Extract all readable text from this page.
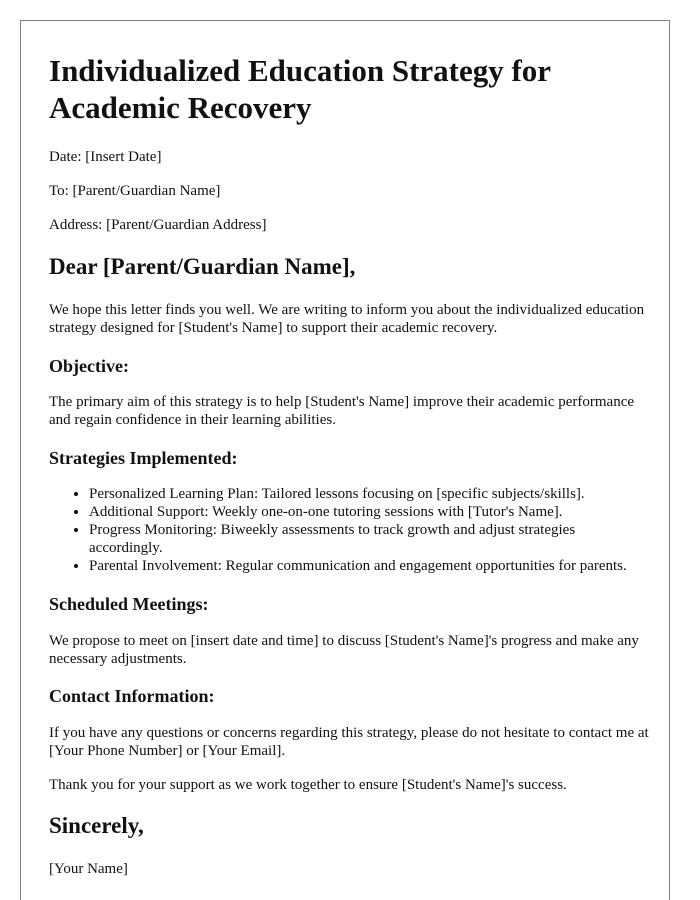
Individualized Education Strategy for Academic Recovery

Date: [Insert Date]

To: [Parent/Guardian Name]

Address: [Parent/Guardian Address]

Dear [Parent/Guardian Name],

We hope this letter finds you well. We are writing to inform you about the individualized education strategy designed for [Student's Name] to support their academic recovery.

Objective:

The primary aim of this strategy is to help [Student's Name] improve their academic performance and regain confidence in their learning abilities.

Strategies Implemented:
• Personalized Learning Plan: Tailored lessons focusing on [specific subjects/skills].
• Additional Support: Weekly one-on-one tutoring sessions with [Tutor's Name].
• Progress Monitoring: Biweekly assessments to track growth and adjust strategies accordingly.
• Parental Involvement: Regular communication and engagement opportunities for parents.
Scheduled Meetings:

We propose to meet on [insert date and time] to discuss [Student's Name]'s progress and make any necessary adjustments.

Contact Information:

If you have any questions or concerns regarding this strategy, please do not hesitate to contact me at [Your Phone Number] or [Your Email].

Thank you for your support as we work together to ensure [Student's Name]'s success.

Sincerely,

[Your Name]
